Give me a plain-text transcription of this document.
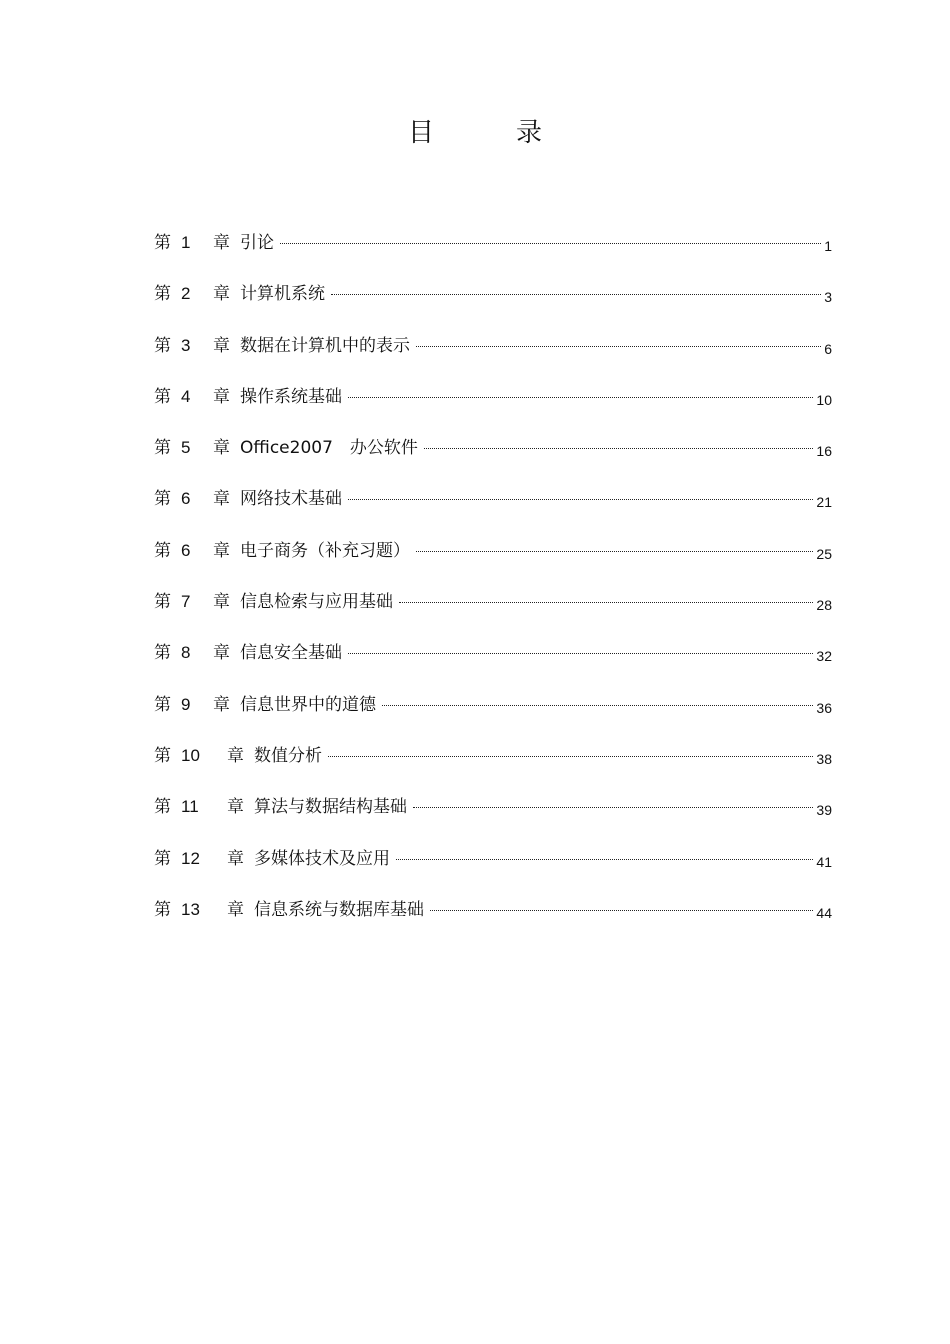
目　录
第 1 章 引论	1
第 2 章 计算机系统	3
第 3 章 数据在计算机中的表示	6
第 4 章 操作系统基础	10
第 5 章 Office2007　办公软件	16
第 6 章 网络技术基础	21
第 6 章 电子商务（补充习题）	25
第 7 章 信息检索与应用基础	28
第 8 章 信息安全基础	32
第 9 章 信息世界中的道德	36
第 10	章 数值分析	38
第 11	章 算法与数据结构基础	39
第 12	章 多媒体技术及应用	41
第 13	章 信息系统与数据库基础	44
